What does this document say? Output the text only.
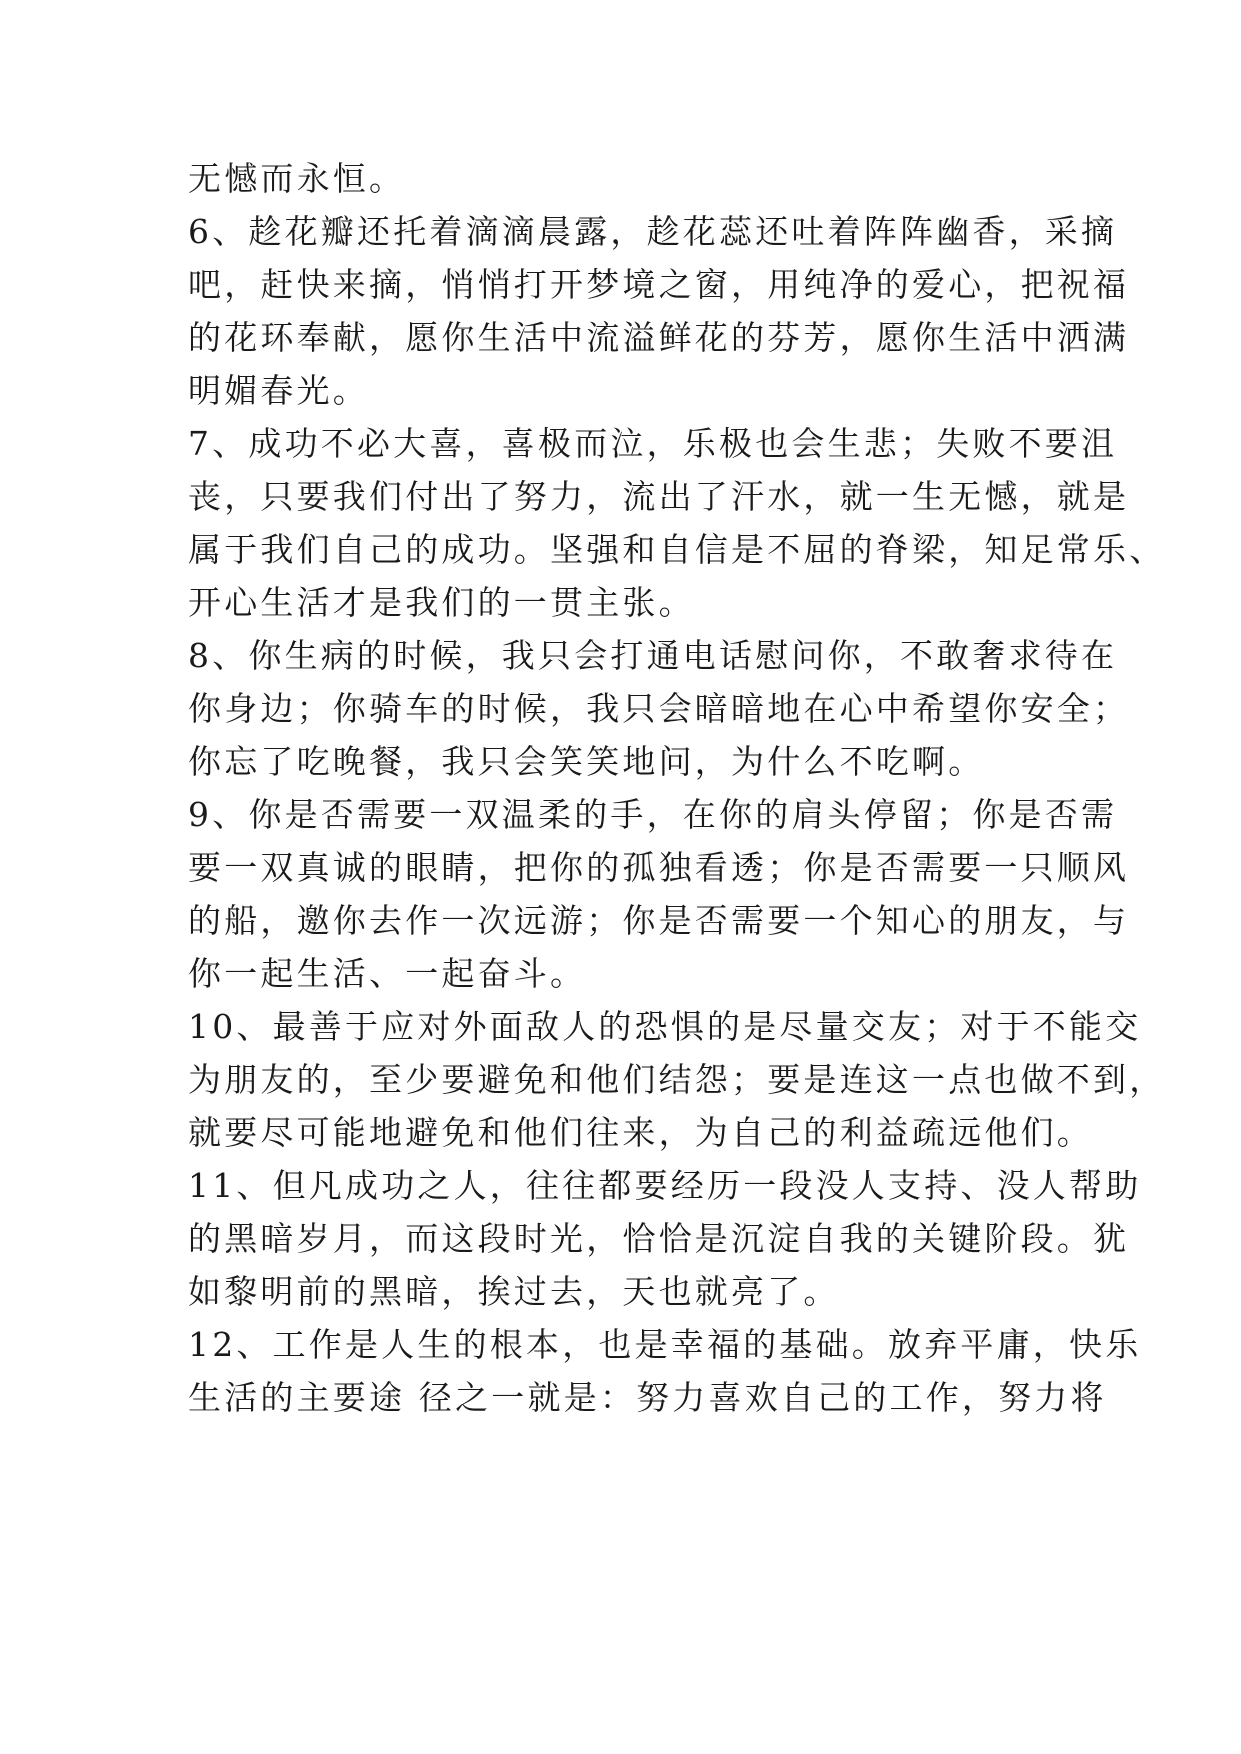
无憾而永恒。
6、趁花瓣还托着滴滴晨露，趁花蕊还吐着阵阵幽香，采摘
吧，赶快来摘，悄悄打开梦境之窗，用纯净的爱心，把祝福
的花环奉献，愿你生活中流溢鲜花的芬芳，愿你生活中洒满
明媚春光。
7、成功不必大喜，喜极而泣，乐极也会生悲；失败不要沮
丧，只要我们付出了努力，流出了汗水，就一生无憾，就是
属于我们自己的成功。坚强和自信是不屈的脊梁，知足常乐、
开心生活才是我们的一贯主张。
8、你生病的时候，我只会打通电话慰问你，不敢奢求待在
你身边；你骑车的时候，我只会暗暗地在心中希望你安全；
你忘了吃晚餐，我只会笑笑地问，为什么不吃啊。
9、你是否需要一双温柔的手，在你的肩头停留；你是否需
要一双真诚的眼睛，把你的孤独看透；你是否需要一只顺风
的船，邀你去作一次远游；你是否需要一个知心的朋友，与
你一起生活、一起奋斗。
10、最善于应对外面敌人的恐惧的是尽量交友；对于不能交
为朋友的，至少要避免和他们结怨；要是连这一点也做不到，
就要尽可能地避免和他们往来，为自己的利益疏远他们。
11、但凡成功之人，往往都要经历一段没人支持、没人帮助
的黑暗岁月，而这段时光，恰恰是沉淀自我的关键阶段。犹
如黎明前的黑暗，挨过去，天也就亮了。
12、工作是人生的根本，也是幸福的基础。放弃平庸，快乐
生活的主要途 径之一就是：努力喜欢自己的工作，努力将
